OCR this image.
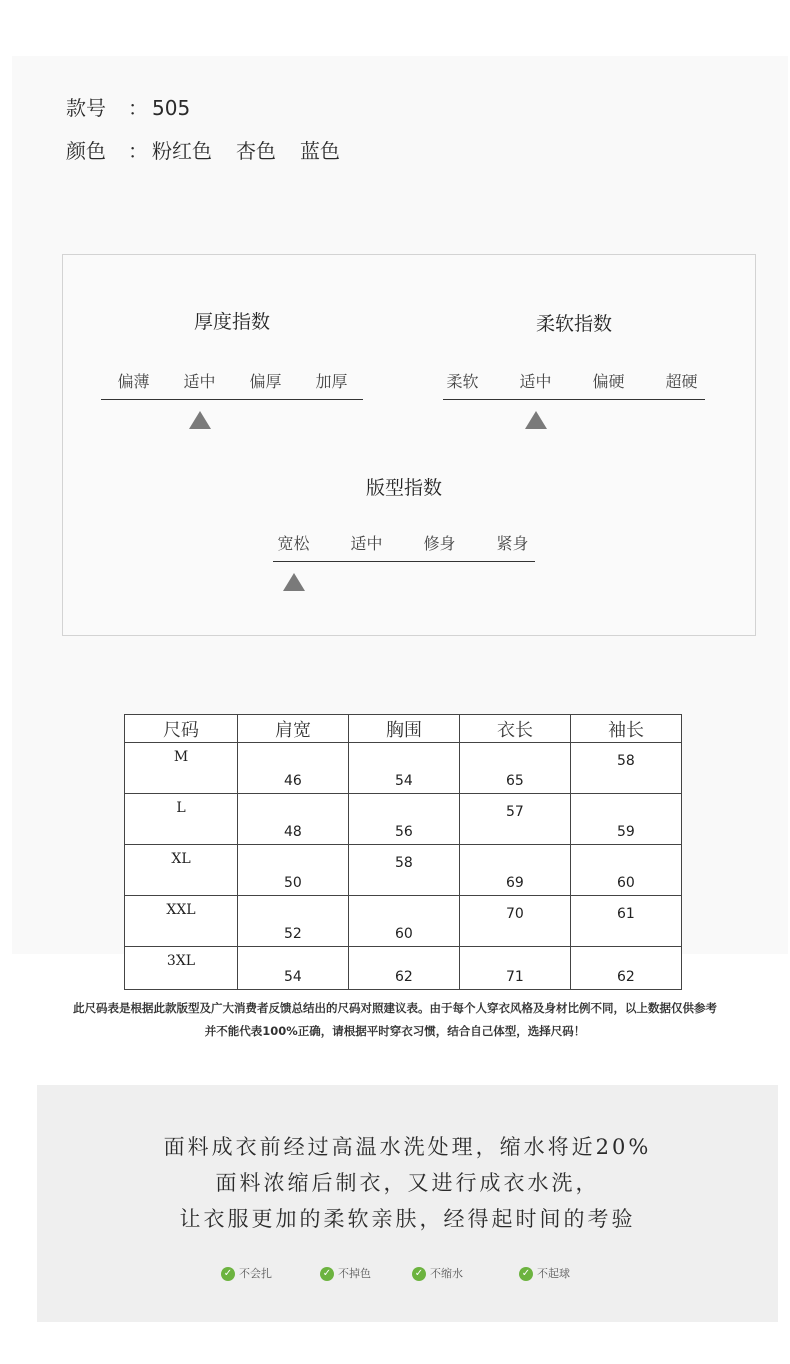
款号 ： 505
颜色 ： 粉红色 杏色 蓝色
厚度指数
偏薄	适中	偏厚	加厚
柔软指数
柔软	适中	偏硬	超硬
版型指数
宽松	适中	修身	紧身
尺码	肩宽	胸围	衣长	袖长
M	46	54	65	58
L	48	56	57	59
XL	50	58	69	60
XXL	52	60	70	61
3XL	54	62	71	62
此尺码表是根据此款版型及广大消费者反馈总结出的尺码对照建议表。由于每个人穿衣风格及身材比例不同，以上数据仅供参考
并不能代表100%正确，请根据平时穿衣习惯，结合自己体型，选择尺码！
面料成衣前经过高温水洗处理，缩水将近20%
面料浓缩后制衣，又进行成衣水洗，
让衣服更加的柔软亲肤，经得起时间的考验
✓ 不会扎	✓ 不掉色	✓ 不缩水	✓ 不起球
